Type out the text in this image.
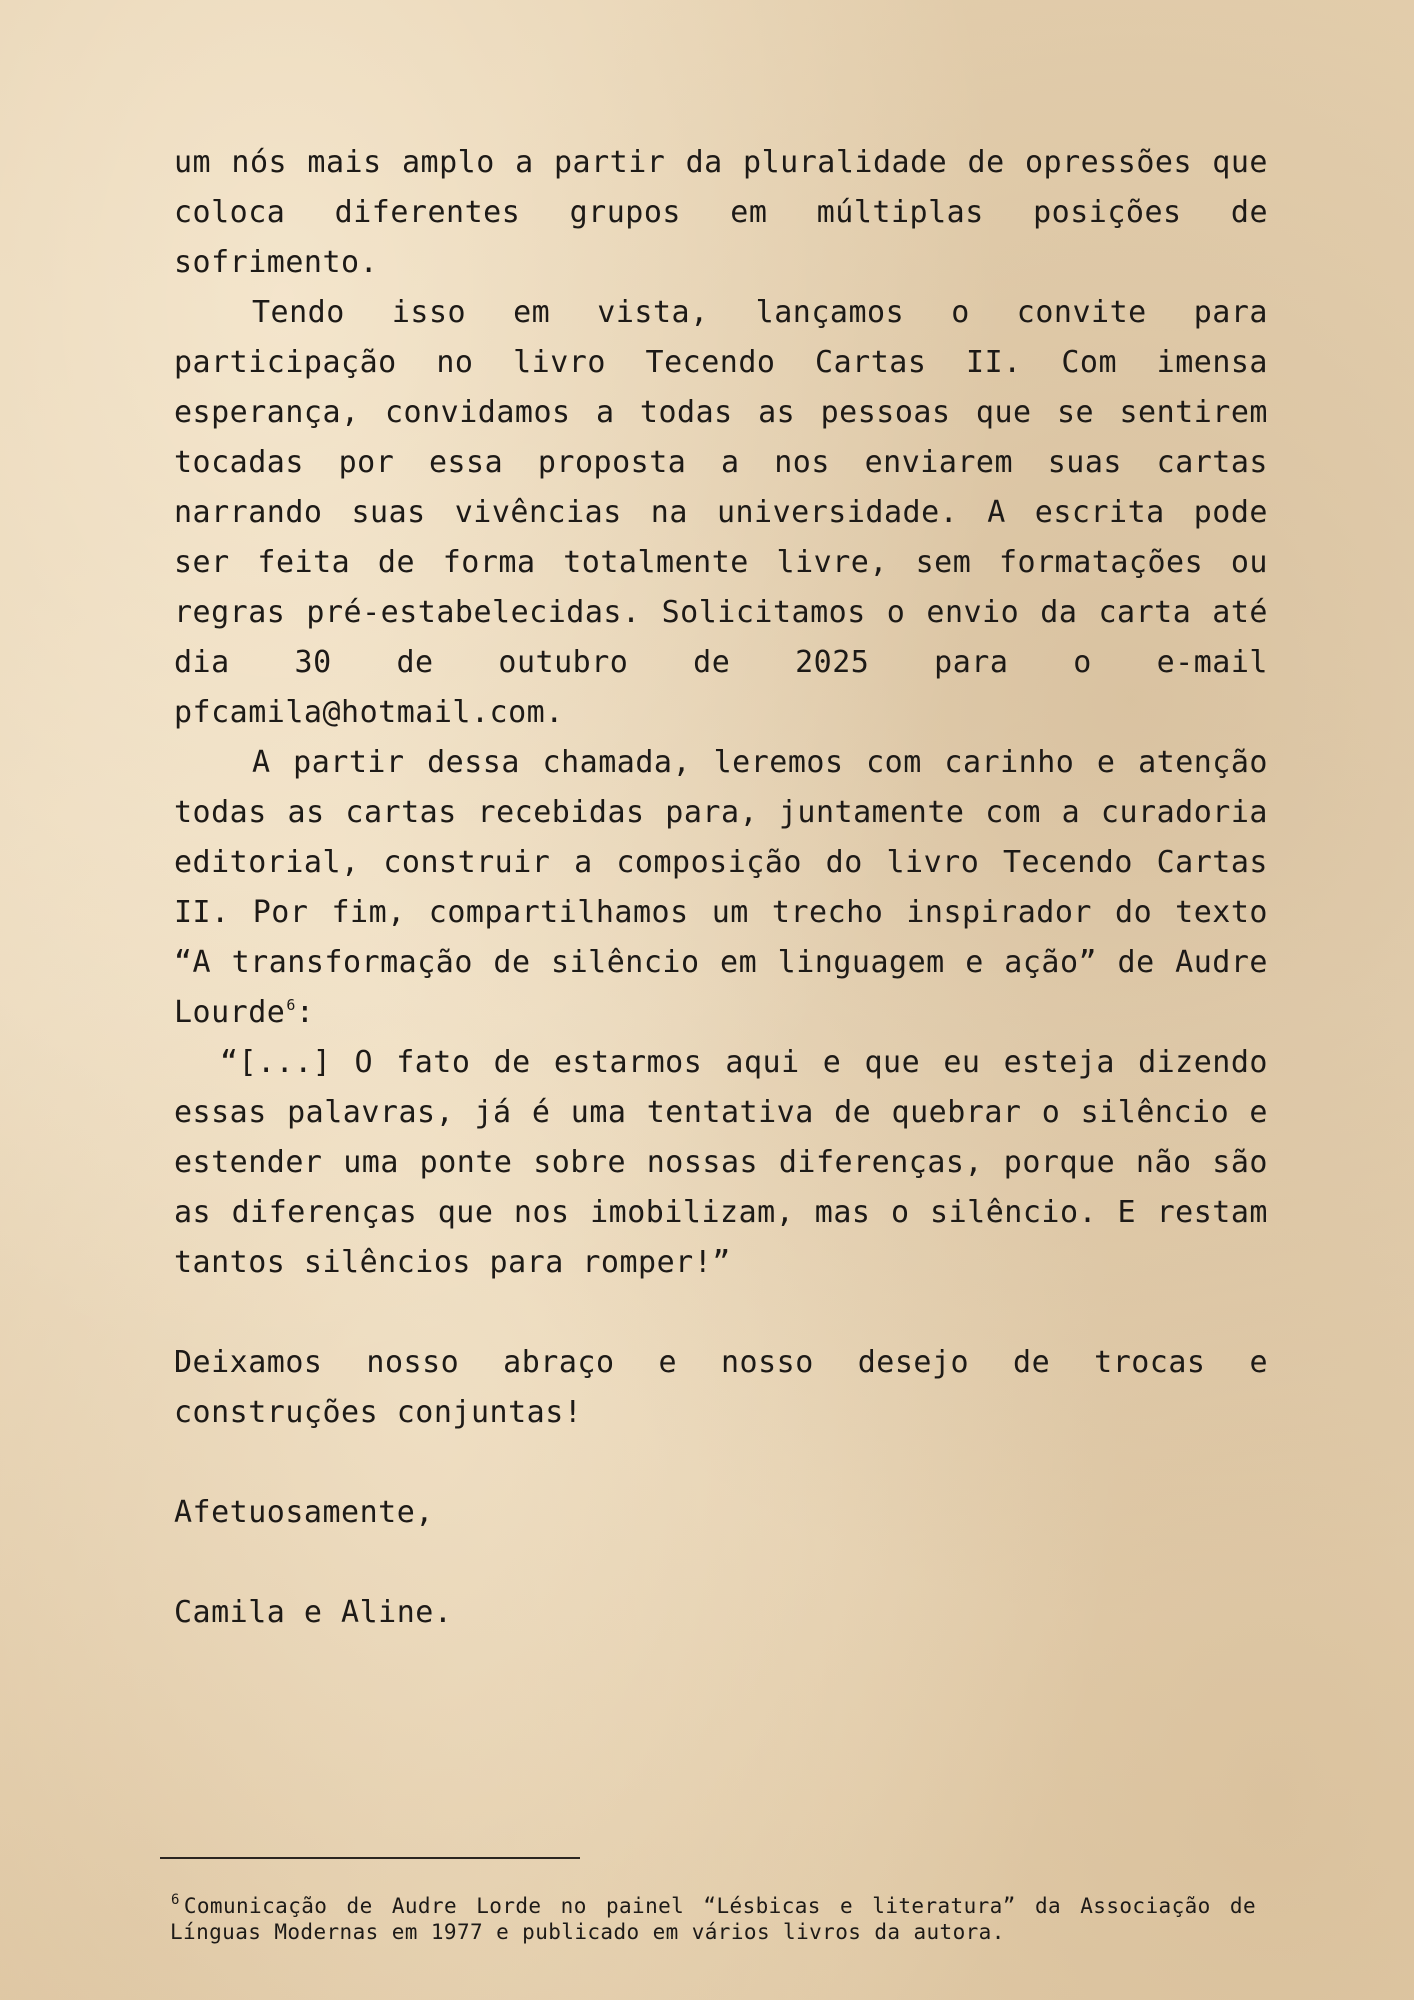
um nós mais amplo a partir da pluralidade de opressões que coloca diferentes grupos em múltiplas posições de sofrimento.

Tendo isso em vista, lançamos o convite para participação no livro Tecendo Cartas II. Com imensa esperança, convidamos a todas as pessoas que se sentirem tocadas por essa proposta a nos enviarem suas cartas narrando suas vivências na universidade. A escrita pode ser feita de forma totalmente livre, sem formatações ou regras pré-estabelecidas. Solicitamos o envio da carta até dia 30 de outubro de 2025 para o e-mail pfcamila@hotmail.com.

A partir dessa chamada, leremos com carinho e atenção todas as cartas recebidas para, juntamente com a curadoria editorial, construir a composição do livro Tecendo Cartas II. Por fim, compartilhamos um trecho inspirador do texto “A transformação de silêncio em linguagem e ação” de Audre Lourde$^6$:

“[...] O fato de estarmos aqui e que eu esteja dizendo essas palavras, já é uma tentativa de quebrar o silêncio e estender uma ponte sobre nossas diferenças, porque não são as diferenças que nos imobilizam, mas o silêncio. E restam tantos silêncios para romper!”

Deixamos nosso abraço e nosso desejo de trocas e construções conjuntas!

Afetuosamente,

Camila e Aline.

$^6$ Comunicação de Audre Lorde no painel “Lésbicas e literatura” da Associação de Línguas Modernas em 1977 e publicado em vários livros da autora.
